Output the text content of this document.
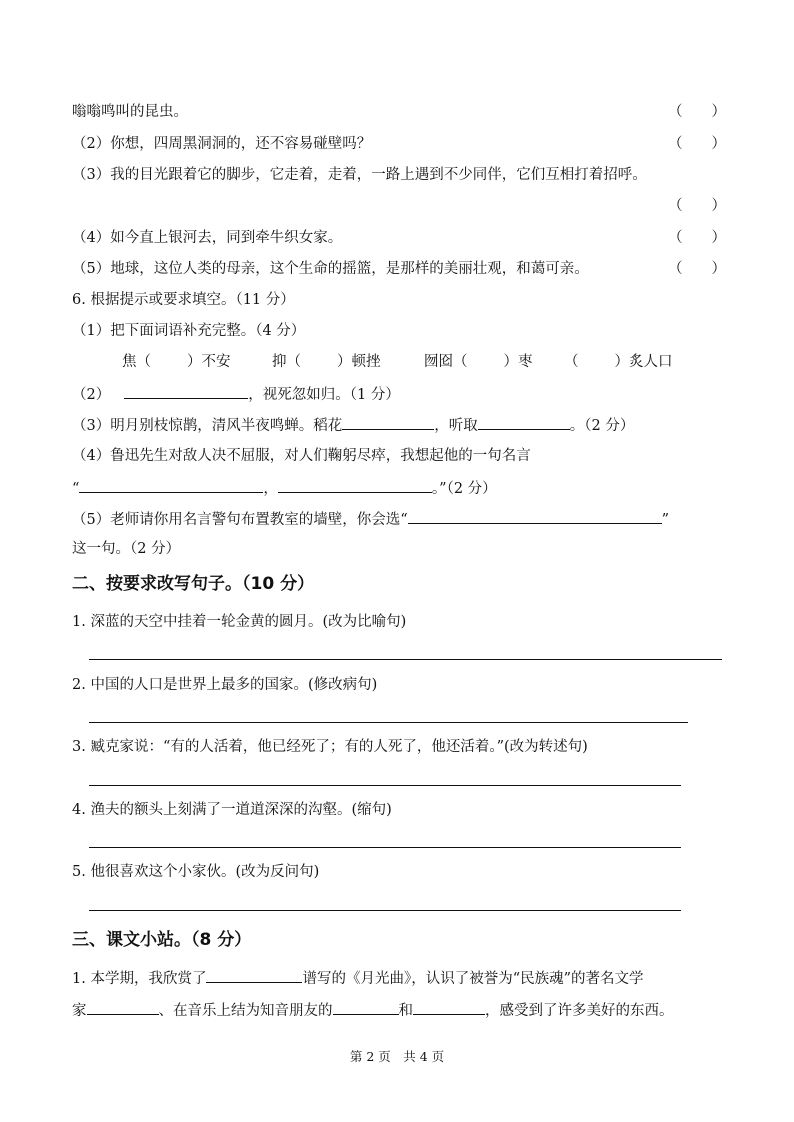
嗡嗡鸣叫的昆虫。	（　　）
（2）你想，四周黑洞洞的，还不容易碰壁吗？	（　　）
（3）我的目光跟着它的脚步，它走着，走着，一路上遇到不少同伴，它们互相打着招呼。
（　　）
（4）如今直上银河去，同到牵牛织女家。	（　　）
（5）地球，这位人类的母亲，这个生命的摇篮，是那样的美丽壮观，和蔼可亲。	（　　）
6. 根据提示或要求填空。（11 分）
（1）把下面词语补充完整。（4 分）
焦（ ）不安	抑（ ）顿挫	囫囵（ ）枣 （ ）炙人口
（2）	，视死忽如归。（1 分）
（3）明月别枝惊鹊，清风半夜鸣蝉。稻花	，听取	。（2 分）
（4）鲁迅先生对敌人决不屈服，对人们鞠躬尽瘁，我想起他的一句名言
“	，	。”（2 分）
（5）老师请你用名言警句布置教室的墙壁，你会选“	”
这一句。（2 分）
二、按要求改写句子。（10 分）
1. 深蓝的天空中挂着一轮金黄的圆月。(改为比喻句)
2. 中国的人口是世界上最多的国家。(修改病句)
3. 臧克家说：“有的人活着，他已经死了；有的人死了，他还活着。”(改为转述句)
4. 渔夫的额头上刻满了一道道深深的沟壑。(缩句)
5. 他很喜欢这个小家伙。(改为反问句)
三、课文小站。（8 分）
1. 本学期，我欣赏了	谱写的《月光曲》，认识了被誉为“民族魂”的著名文学
家	、在音乐上结为知音朋友的	和	，感受到了许多美好的东西。
第 2 页　共 4 页
